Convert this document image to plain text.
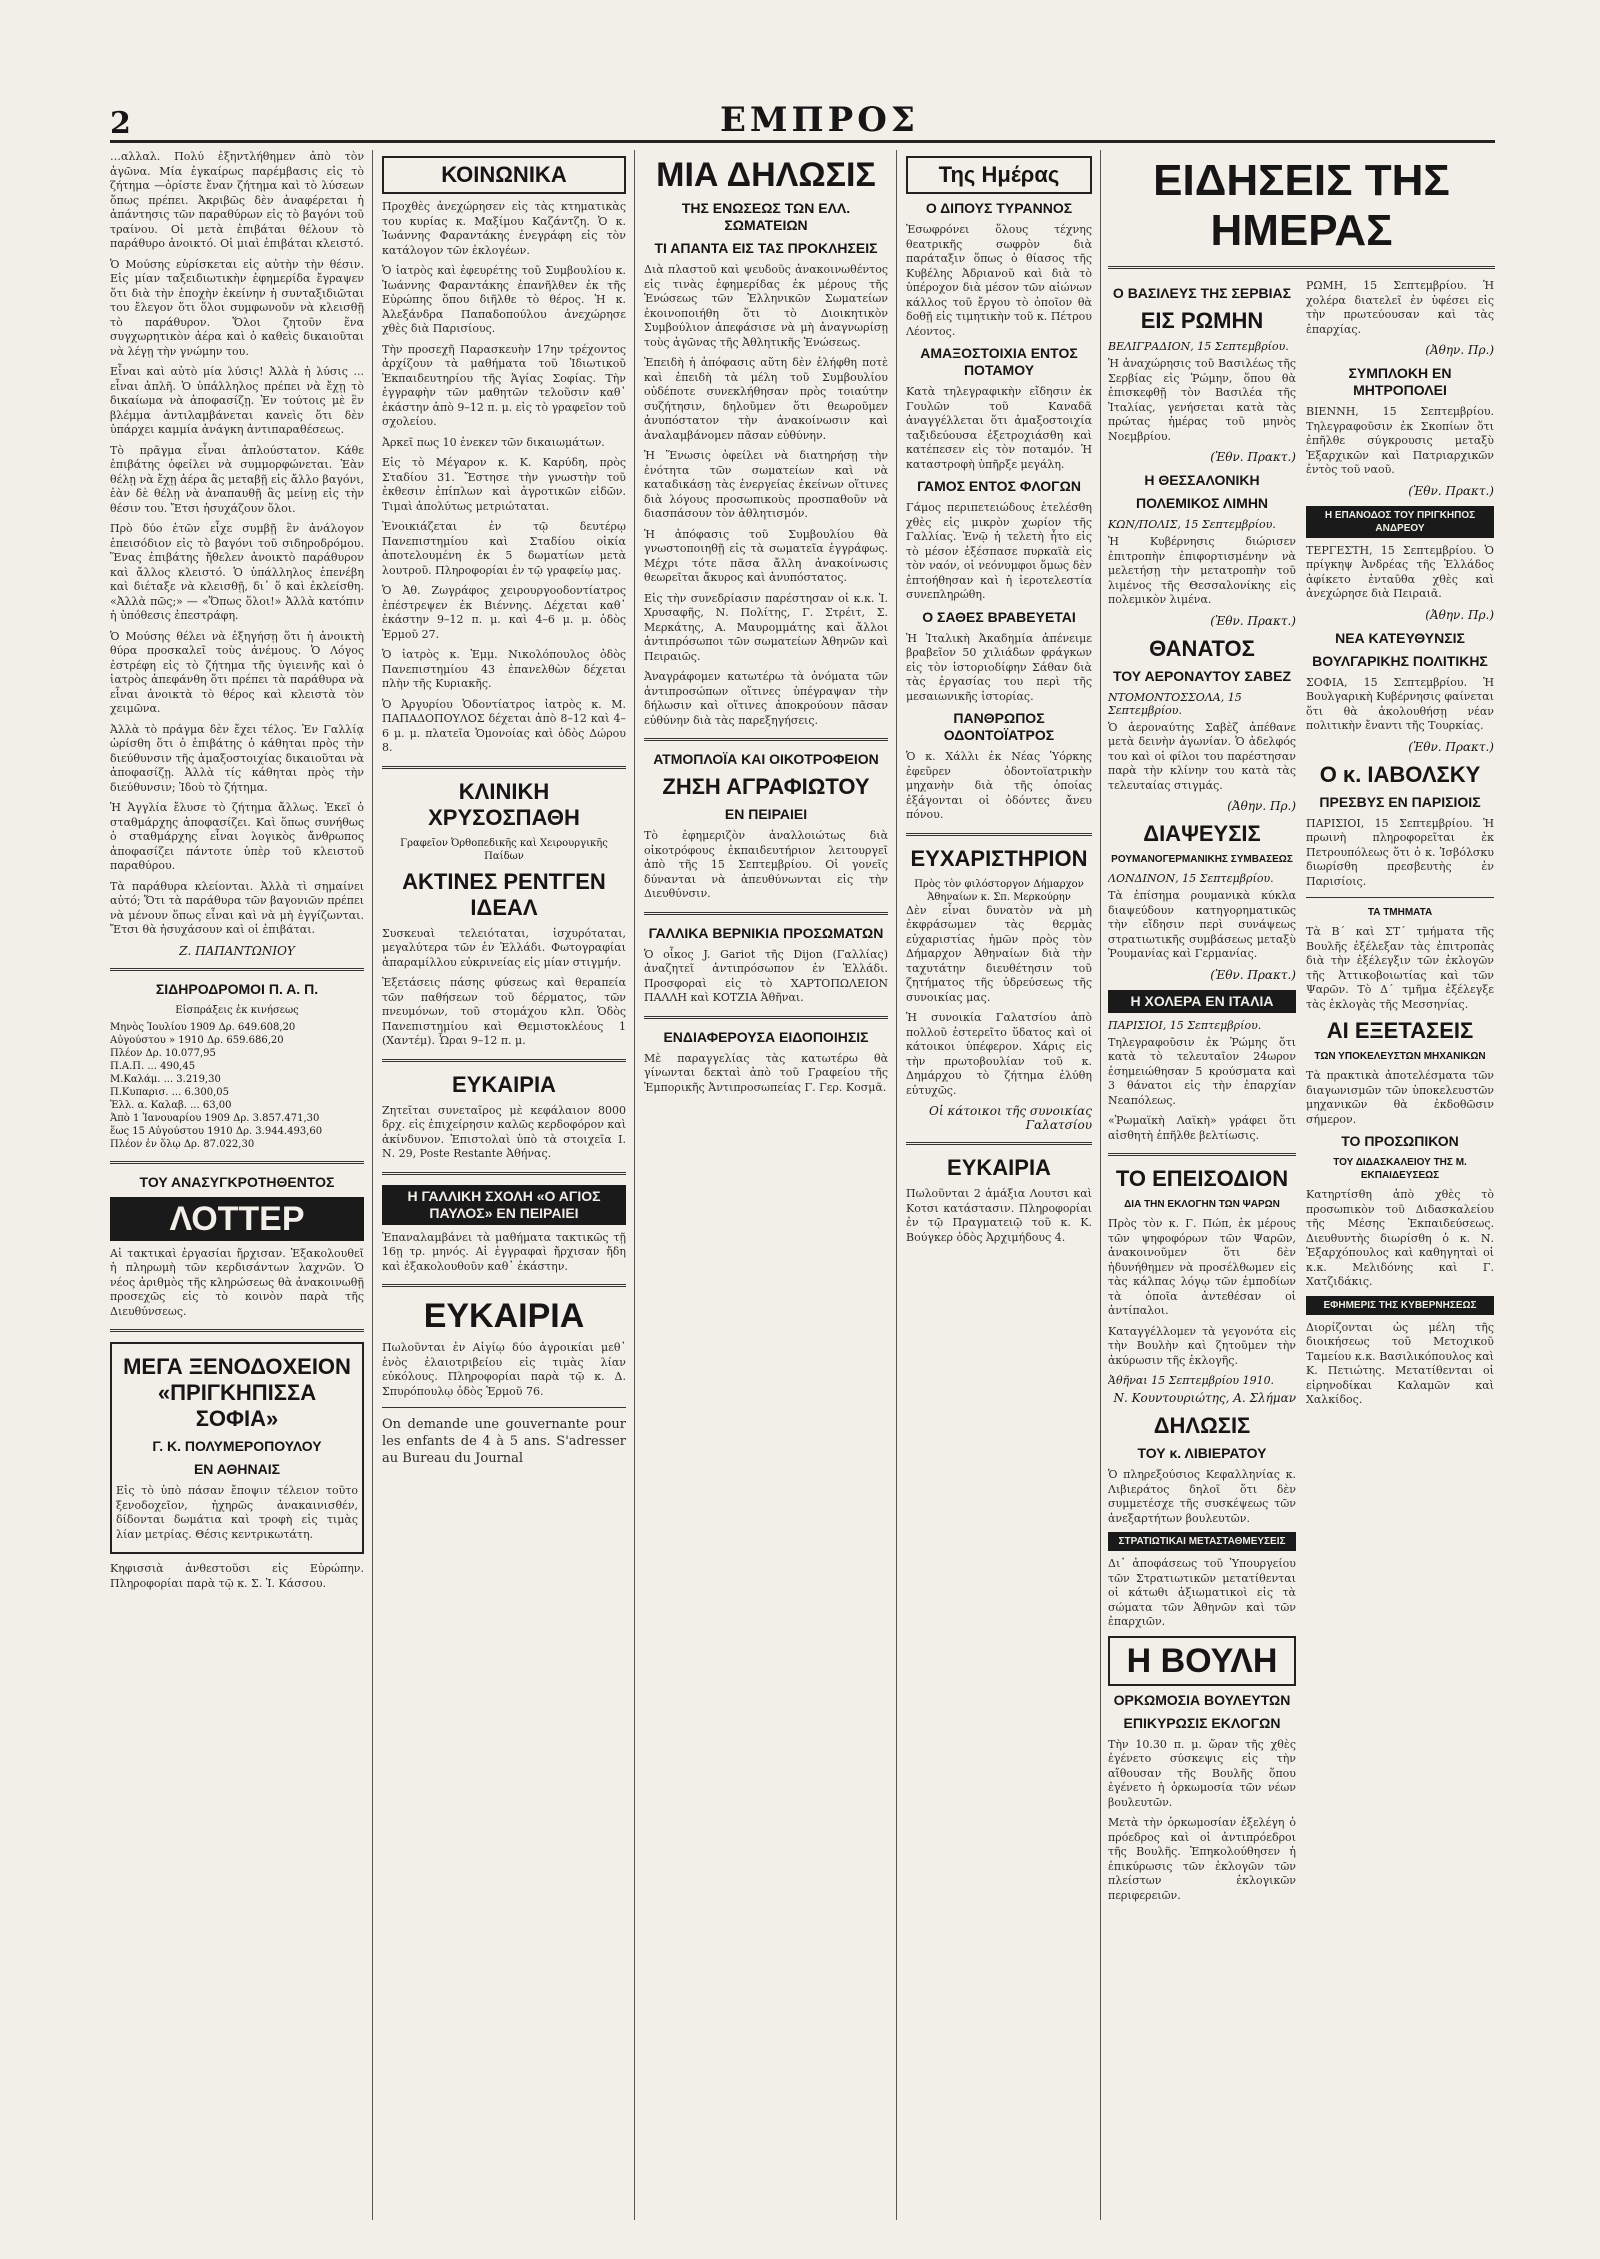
2	ΕΜΠΡΟΣ

…αλλαλ. Πολύ ἐξηντλήθημεν ἀπὸ τὸν ἀγῶνα. Μία ἐγκαίρως παρέμβασις εἰς τὸ ζήτημα —ὁρίστε ἔναν ζήτημα καὶ τὸ λύσεων ὅπως πρέπει. Ἀκριβῶς δὲν ἀναφέρεται ἡ ἀπάντησις τῶν παραθύρων εἰς τὸ βαγόνι τοῦ τραίνου. Οἱ μετὰ ἐπιβάται θέλουν τὸ παράθυρο ἀνοικτό. Οἱ μιαὶ ἐπιβάται κλειστό.

Ὁ Μούσης εὑρίσκεται εἰς αὐτὴν τὴν θέσιν. Εἰς μίαν ταξειδιωτικὴν ἐφημερίδα ἔγραψεν ὅτι διὰ τὴν ἐποχὴν ἐκείνην ἡ συνταξιδιῶται του ἔλεγον ὅτι ὅλοι συμφωνοῦν νὰ κλεισθῇ τὸ παράθυρον. Ὅλοι ζητοῦν ἕνα συγχωρητικὸν ἀέρα καὶ ὁ καθεὶς δικαιοῦται νὰ λέγῃ τὴν γνώμην του.

Εἶναι καὶ αὐτὸ μία λύσις! Ἀλλὰ ἡ λύσις ... εἶναι ἀπλῆ. Ὁ ὑπάλληλος πρέπει νὰ ἔχῃ τὸ δικαίωμα νὰ ἀποφασίζῃ. Ἐν τούτοις μὲ ἓν βλέμμα ἀντιλαμβάνεται κανεὶς ὅτι δὲν ὑπάρχει καμμία ἀνάγκη ἀντιπαραθέσεως.

Τὸ πρᾶγμα εἶναι ἁπλούστατον. Κάθε ἐπιβάτης ὀφείλει νὰ συμμορφώνεται. Ἐὰν θέλῃ νὰ ἔχῃ ἀέρα ἂς μεταβῇ εἰς ἄλλο βαγόνι, ἐὰν δὲ θέλῃ νὰ ἀναπαυθῇ ἂς μείνῃ εἰς τὴν θέσιν του. Ἔτσι ἡσυχάζουν ὅλοι.

Πρὸ δύο ἐτῶν εἶχε συμβῇ ἓν ἀνάλογον ἐπεισόδιον εἰς τὸ βαγόνι τοῦ σιδηροδρόμου. Ἕνας ἐπιβάτης ἤθελεν ἀνοικτὸ παράθυρον καὶ ἄλλος κλειστό. Ὁ ὑπάλληλος ἐπενέβη καὶ διέταξε νὰ κλεισθῇ, δι᾽ ὅ καὶ ἐκλείσθη. «Ἀλλὰ πῶς;» — «Ὅπως ὅλοι!» Ἀλλὰ κατόπιν ἡ ὑπόθεσις ἐπεστράφη.

Ὁ Μούσης θέλει νὰ ἐξηγήσῃ ὅτι ἡ ἀνοικτὴ θύρα προσκαλεῖ τοὺς ἀνέμους. Ὁ Λόγος ἐστρέφη εἰς τὸ ζήτημα τῆς ὑγιεινῆς καὶ ὁ ἰατρὸς ἀπεφάνθη ὅτι πρέπει τὰ παράθυρα νὰ εἶναι ἀνοικτὰ τὸ θέρος καὶ κλειστὰ τὸν χειμῶνα.

Ἀλλὰ τὸ πράγμα δὲν ἔχει τέλος. Ἐν Γαλλίᾳ ὡρίσθη ὅτι ὁ ἐπιβάτης ὁ κάθηται πρὸς τὴν διεύθυνσιν τῆς ἁμαξοστοιχίας δικαιοῦται νὰ ἀποφασίζῃ. Ἀλλὰ τίς κάθηται πρὸς τὴν διεύθυνσιν; Ἰδοὺ τὸ ζήτημα.

Ἡ Ἀγγλία ἔλυσε τὸ ζήτημα ἄλλως. Ἐκεῖ ὁ σταθμάρχης ἀποφασίζει. Καὶ ὅπως συνήθως ὁ σταθμάρχης εἶναι λογικὸς ἄνθρωπος ἀποφασίζει πάντοτε ὑπὲρ τοῦ κλειστοῦ παραθύρου.

Τὰ παράθυρα κλείονται. Ἀλλὰ τὶ σημαίνει αὐτό; Ὅτι τὰ παράθυρα τῶν βαγονιῶν πρέπει νὰ μένουν ὅπως εἶναι καὶ νὰ μὴ ἐγγίζωνται. Ἔτσι θὰ ἠσυχάσουν καὶ οἱ ἐπιβάται.

Ζ. ΠΑΠΑΝΤΩΝΙΟΥ
ΣΙΔΗΡΟΔΡΟΜΟΙ Π. Α. Π.
Εἰσπράξεις ἐκ κινήσεως
Μηνὸς Ἰουλίου 1909 Δρ. 649.608,20
Αὐγούστου » 1910 Δρ. 659.686,20
Πλέον Δρ. 10.077,95
Π.Α.Π. ... 490,45
Μ.Καλάμ. ... 3.219,30
Π.Κυπαρισ. ... 6.300,05
Ἐλλ. α. Καλαβ. ... 63,00
Ἀπὸ 1 Ἰανουαρίου 1909 Δρ. 3.857.471,30
ἕως 15 Αὐγούστου 1910 Δρ. 3.944.493,60
Πλέον ἐν ὅλῳ Δρ. 87.022,30
ΤΟΥ ΑΝΑΣΥΓΚΡΟΤΗΘΕΝΤΟΣ
ΛΟΤΤΕΡ

Αἱ τακτικαὶ ἐργασίαι ἤρχισαν. Ἐξακολουθεῖ ἡ πληρωμὴ τῶν κερδισάντων λαχνῶν. Ὁ νέος ἀριθμὸς τῆς κληρώσεως θὰ ἀνακοινωθῇ προσεχῶς εἰς τὸ κοινὸν παρὰ τῆς Διευθύνσεως.

ΜΕΓΑ ΞΕΝΟΔΟΧΕΙΟΝ «ΠΡΙΓΚΗΠΙΣΣΑ ΣΟΦΙΑ»
Γ. Κ. ΠΟΛΥΜΕΡΟΠΟΥΛΟΥ
ΕΝ ΑΘΗΝΑΙΣ

Εἰς τὸ ὑπὸ πάσαν ἔποψιν τέλειον τοῦτο ξενοδοχεῖον, ἠχηρῶς ἀνακαινισθέν, δίδονται δωμάτια καὶ τροφὴ εἰς τιμὰς λίαν μετρίας. Θέσις κεντρικωτάτη.

Κηφισσιὰ ἀνθεστοῦσι εἰς Εὐρώπην. Πληροφορίαι παρὰ τῷ κ. Σ. Ἰ. Κάσσου.

ΚΟΙΝΩΝΙΚΑ

Προχθὲς ἀνεχώρησεν εἰς τὰς κτηματικὰς του κυρίας κ. Μαξίμου Καζάντζη. Ὁ κ. Ἰωάννης Φαραντάκης ἐνεγράφη εἰς τὸν κατάλογον τῶν ἐκλογέων.

Ὁ ἰατρὸς καὶ ἐφευρέτης τοῦ Συμβουλίου κ. Ἰωάννης Φαραντάκης ἐπανῆλθεν ἐκ τῆς Εὐρώπης ὅπου διῆλθε τὸ θέρος. Ἡ κ. Ἀλεξάνδρα Παπαδοπούλου ἀνεχώρησε χθὲς διὰ Παρισίους.

Τὴν προσεχῆ Παρασκευὴν 17ην τρέχοντος ἀρχίζουν τὰ μαθήματα τοῦ Ἰδιωτικοῦ Ἐκπαιδευτηρίου τῆς Ἁγίας Σοφίας. Τὴν ἐγγραφὴν τῶν μαθητῶν τελοῦσιν καθ᾽ ἑκάστην ἀπὸ 9–12 π. μ. εἰς τὸ γραφεῖον τοῦ σχολείου.

Ἀρκεῖ πως 10 ἐνεκεν τῶν δικαιωμάτων.

Εἰς τὸ Μέγαρον κ. Κ. Καρύδη, πρὸς Σταδίου 31. Ἔστησε τὴν γνωστὴν τοῦ ἐκθεσιν ἐπίπλων καὶ ἀγροτικῶν εἰδῶν. Τιμαὶ ἀπολύτως μετριώταται.

Ἐνοικιάζεται ἐν τῷ δευτέρῳ Πανεπιστημίου καὶ Σταδίου οἰκία ἀποτελουμένη ἐκ 5 δωματίων μετὰ λουτροῦ. Πληροφορίαι ἐν τῷ γραφείῳ μας.

Ὁ Ἀθ. Ζωγράφος χειρουργοοδοντίατρος ἐπέστρεψεν ἐκ Βιέννης. Δέχεται καθ᾽ ἑκάστην 9–12 π. μ. καὶ 4–6 μ. μ. ὁδὸς Ἑρμοῦ 27.

Ὁ ἰατρὸς κ. Ἐμμ. Νικολόπουλος ὁδὸς Πανεπιστημίου 43 ἐπανελθὼν δέχεται πλὴν τῆς Κυριακῆς.

Ὁ Ἀργυρίου Ὁδοντίατρος ἰατρὸς κ. Μ. ΠΑΠΑΔΟΠΟΥΛΟΣ δέχεται ἀπὸ 8–12 καὶ 4–6 μ. μ. πλατεῖα Ὁμονοίας καὶ ὁδὸς Δώρου 8.

ΚΛΙΝΙΚΗ ΧΡΥΣΟΣΠΑΘΗ
Γραφεῖον Ὀρθοπεδικῆς καὶ Χειρουργικῆς Παίδων
ΑΚΤΙΝΕΣ ΡΕΝΤΓΕΝ ΙΔΕΑΛ

Συσκευαὶ τελειόταται, ἰσχυρόταται, μεγαλύτερα τῶν ἐν Ἑλλάδι. Φωτογραφίαι ἀπαραμίλλου εὐκρινείας εἰς μίαν στιγμήν.

Ἐξετάσεις πάσης φύσεως καὶ θεραπεία τῶν παθήσεων τοῦ δέρματος, τῶν πνευμόνων, τοῦ στομάχου κλπ. Ὁδὸς Πανεπιστημίου καὶ Θεμιστοκλέους 1 (Χαντέμ). Ὧραι 9–12 π. μ.

ΕΥΚΑΙΡΙΑ

Ζητεῖται συνεταῖρος μὲ κεφάλαιον 8000 δρχ. εἰς ἐπιχείρησιν καλῶς κερδοφόρον καὶ ἀκίνδυνον. Ἐπιστολαὶ ὑπὸ τὰ στοιχεῖα Ι. Ν. 29, Poste Restante Ἀθήνας.

Η ΓΑΛΛΙΚΗ ΣΧΟΛΗ «Ο ΑΓΙΟΣ ΠΑΥΛΟΣ» ΕΝ ΠΕΙΡΑΙΕΙ

Ἐπαναλαμβάνει τὰ μαθήματα τακτικῶς τῇ 16ῃ τρ. μηνός. Αἱ ἐγγραφαὶ ἤρχισαν ἤδη καὶ ἐξακολουθοῦν καθ᾽ ἑκάστην.

ΕΥΚΑΙΡΙΑ

Πωλοῦνται ἐν Αἰγίῳ δύο ἀγροικίαι μεθ᾽ ἑνὸς ἐλαιοτριβείου εἰς τιμὰς λίαν εὐκόλους. Πληροφορίαι παρὰ τῷ κ. Δ. Σπυρόπουλῳ ὁδὸς Ἑρμοῦ 76.

On demande une gouvernante pour les enfants de 4 à 5 ans. S'adresser au Bureau du Journal

ΜΙΑ ΔΗΛΩΣΙΣ
ΤΗΣ ΕΝΩΣΕΩΣ ΤΩΝ ΕΛΛ. ΣΩΜΑΤΕΙΩΝ
ΤΙ ΑΠΑΝΤΑ ΕΙΣ ΤΑΣ ΠΡΟΚΛΗΣΕΙΣ

Διὰ πλαστοῦ καὶ ψευδοῦς ἀνακοινωθέντος εἰς τινὰς ἐφημερίδας ἐκ μέρους τῆς Ἑνώσεως τῶν Ἑλληνικῶν Σωματείων ἐκοινοποιήθη ὅτι τὸ Διοικητικὸν Συμβούλιον ἀπεφάσισε νὰ μὴ ἀναγνωρίσῃ τοὺς ἀγῶνας τῆς Ἀθλητικῆς Ἑνώσεως.

Ἐπειδὴ ἡ ἀπόφασις αὕτη δὲν ἐλήφθη ποτὲ καὶ ἐπειδὴ τὰ μέλη τοῦ Συμβουλίου οὐδέποτε συνεκλήθησαν πρὸς τοιαύτην συζήτησιν, δηλοῦμεν ὅτι θεωροῦμεν ἀνυπόστατον τὴν ἀνακοίνωσιν καὶ ἀναλαμβάνομεν πᾶσαν εὐθύνην.

Ἡ Ἕνωσις ὀφείλει νὰ διατηρήσῃ τὴν ἑνότητα τῶν σωματείων καὶ νὰ καταδικάσῃ τὰς ἐνεργείας ἐκείνων οἵτινες διὰ λόγους προσωπικοὺς προσπαθοῦν νὰ διασπάσουν τὸν ἀθλητισμόν.

Ἡ ἀπόφασις τοῦ Συμβουλίου θὰ γνωστοποιηθῇ εἰς τὰ σωματεῖα ἐγγράφως. Μέχρι τότε πᾶσα ἄλλη ἀνακοίνωσις θεωρεῖται ἄκυρος καὶ ἀνυπόστατος.

Εἰς τὴν συνεδρίασιν παρέστησαν οἱ κ.κ. Ἰ. Χρυσαφῆς, Ν. Πολίτης, Γ. Στρέιτ, Σ. Μερκάτης, Α. Μαυρομμάτης καὶ ἄλλοι ἀντιπρόσωποι τῶν σωματείων Ἀθηνῶν καὶ Πειραιῶς.

Ἀναγράφομεν κατωτέρω τὰ ὀνόματα τῶν ἀντιπροσώπων οἵτινες ὑπέγραψαν τὴν δήλωσιν καὶ οἵτινες ἀποκρούουν πᾶσαν εὐθύνην διὰ τὰς παρεξηγήσεις.

ΑΤΜΟΠΛΟΪΑ ΚΑΙ ΟΙΚΟΤΡΟΦΕΙΟΝ
ΖΗΣΗ ΑΓΡΑΦΙΩΤΟΥ
ΕΝ ΠΕΙΡΑΙΕΙ

Τὸ ἐφημεριζὸν ἀναλλοιώτως διὰ οἰκοτρόφους ἐκπαιδευτήριον λειτουργεῖ ἀπὸ τῆς 15 Σεπτεμβρίου. Οἱ γονεῖς δύνανται νὰ ἀπευθύνωνται εἰς τὴν Διευθύνσιν.

ΓΑΛΛΙΚΑ ΒΕΡΝΙΚΙΑ ΠΡΟΣΩΜΑΤΩΝ

Ὁ οἶκος J. Gariot τῆς Dijon (Γαλλίας) ἀναζητεῖ ἀντιπρόσωπον ἐν Ἑλλάδι. Προσφοραὶ εἰς τὸ ΧΑΡΤΟΠΩΛΕΙΟΝ ΠΑΛΛΗ καὶ ΚΟΤΖΙΑ Ἀθῆναι.

ΕΝΔΙΑΦΕΡΟΥΣΑ ΕΙΔΟΠΟΙΗΣΙΣ

Μὲ παραγγελίας τὰς κατωτέρω θὰ γίνωνται δεκταὶ ἀπὸ τοῦ Γραφείου τῆς Ἐμπορικῆς Ἀντιπροσωπείας Γ. Γερ. Κοσμᾶ.

Της Ημέρας
Ο ΔΙΠΟΥΣ ΤΥΡΑΝΝΟΣ

Ἐσωφρόνει ὅλους τέχνης θεατρικῆς σωφρὸν διὰ παράταξιν ὅπως ὁ θίασος τῆς Κυβέλης Ἀδριανοῦ καὶ διὰ τὸ ὑπέροχον διὰ μέσον τῶν αἰώνων κάλλος τοῦ ἔργου τὸ ὁποῖον θὰ δοθῇ εἰς τιμητικὴν τοῦ κ. Πέτρου Λέοντος.

ΑΜΑΞΟΣΤΟΙΧΙΑ ΕΝΤΟΣ ΠΟΤΑΜΟΥ

Κατὰ τηλεγραφικὴν εἴδησιν ἐκ Γουλῶν τοῦ Καναδᾶ ἀναγγέλλεται ὅτι ἁμαξοστοιχία ταξιδεύουσα ἐξετροχιάσθη καὶ κατέπεσεν εἰς τὸν ποταμόν. Ἡ καταστροφὴ ὑπῆρξε μεγάλη.

ΓΑΜΟΣ ΕΝΤΟΣ ΦΛΟΓΩΝ

Γάμος περιπετειώδους ἐτελέσθη χθὲς εἰς μικρὸν χωρίον τῆς Γαλλίας. Ἐνῷ ἡ τελετὴ ἦτο εἰς τὸ μέσον ἐξέσπασε πυρκαϊὰ εἰς τὸν ναόν, οἱ νεόνυμφοι ὅμως δὲν ἐπτοήθησαν καὶ ἡ ἱεροτελεστία συνεπληρώθη.

Ο ΣΑΘΕΣ ΒΡΑΒΕΥΕΤΑΙ

Ἡ Ἰταλικὴ Ἀκαδημία ἀπένειμε βραβεῖον 50 χιλιάδων φράγκων εἰς τὸν ἱστοριοδίφην Σάθαν διὰ τὰς ἐργασίας του περὶ τῆς μεσαιωνικῆς ἱστορίας.

ΠΑΝΘΡΩΠΟΣ ΟΔΟΝΤΟΪΑΤΡΟΣ

Ὁ κ. Χάλλι ἐκ Νέας Ὑόρκης ἐφεῦρεν ὀδοντοϊατρικὴν μηχανὴν διὰ τῆς ὁποίας ἐξάγονται οἱ ὀδόντες ἄνευ πόνου.

ΕΥΧΑΡΙΣΤΗΡΙΟΝ
Πρὸς τὸν φιλόστοργον Δήμαρχον Ἀθηναίων κ. Σπ. Μερκούρην

Δὲν εἶναι δυνατὸν νὰ μὴ ἐκφράσωμεν τὰς θερμὰς εὐχαριστίας ἡμῶν πρὸς τὸν Δήμαρχον Ἀθηναίων διὰ τὴν ταχυτάτην διευθέτησιν τοῦ ζητήματος τῆς ὑδρεύσεως τῆς συνοικίας μας.

Ἡ συνοικία Γαλατσίου ἀπὸ πολλοῦ ἐστερεῖτο ὕδατος καὶ οἱ κάτοικοι ὑπέφερον. Χάρις εἰς τὴν πρωτοβουλίαν τοῦ κ. Δημάρχου τὸ ζήτημα ἐλύθη εὐτυχῶς.

Οἱ κάτοικοι τῆς συνοικίας Γαλατσίου
ΕΥΚΑΙΡΙΑ

Πωλοῦνται 2 ἁμάξια Λουτσι καὶ Κοτσι κατάστασιν. Πληροφορίαι ἐν τῷ Πραγματειῷ τοῦ κ. Κ. Βούγκερ ὁδὸς Ἀρχιμήδους 4.

ΕΙΔΗΣΕΙΣ ΤΗΣ ΗΜΕΡΑΣ
Ο ΒΑΣΙΛΕΥΣ ΤΗΣ ΣΕΡΒΙΑΣ
ΕΙΣ ΡΩΜΗΝ
ΒΕΛΙΓΡΑΔΙΟΝ, 15 Σεπτεμβρίου.

Ἡ ἀναχώρησις τοῦ Βασιλέως τῆς Σερβίας εἰς Ῥώμην, ὅπου θὰ ἐπισκεφθῇ τὸν Βασιλέα τῆς Ἰταλίας, γενήσεται κατὰ τὰς πρώτας ἡμέρας τοῦ μηνὸς Νοεμβρίου.

(Ἐθν. Πρακτ.)
Η ΘΕΣΣΑΛΟΝΙΚΗ
ΠΟΛΕΜΙΚΟΣ ΛΙΜΗΝ
ΚΩΝ/ΠΟΛΙΣ, 15 Σεπτεμβρίου.

Ἡ Κυβέρνησις διώρισεν ἐπιτροπὴν ἐπιφορτισμένην νὰ μελετήσῃ τὴν μετατροπὴν τοῦ λιμένος τῆς Θεσσαλονίκης εἰς πολεμικὸν λιμένα.

(Ἐθν. Πρακτ.)
ΘΑΝΑΤΟΣ
ΤΟΥ ΑΕΡΟΝΑΥΤΟΥ ΣΑΒΕΖ
ΝΤΟΜΟΝΤΟΣΣΟΛΑ, 15 Σεπτεμβρίου.

Ὁ ἀεροναύτης Σαβὲζ ἀπέθανε μετὰ δεινὴν ἀγωνίαν. Ὁ ἀδελφός του καὶ οἱ φίλοι του παρέστησαν παρὰ τὴν κλίνην του κατὰ τὰς τελευταίας στιγμάς.

(Ἀθην. Πρ.)
ΔΙΑΨΕΥΣΙΣ
ΡΟΥΜΑΝΟΓΕΡΜΑΝΙΚΗΣ ΣΥΜΒΑΣΕΩΣ
ΛΟΝΔΙΝΟΝ, 15 Σεπτεμβρίου.

Τὰ ἐπίσημα ρουμανικὰ κύκλα διαψεύδουν κατηγορηματικῶς τὴν εἴδησιν περὶ συνάψεως στρατιωτικῆς συμβάσεως μεταξὺ Ῥουμανίας καὶ Γερμανίας.

(Ἐθν. Πρακτ.)
Η ΧΟΛΕΡΑ ΕΝ ΙΤΑΛΙΑ
ΠΑΡΙΣΙΟΙ, 15 Σεπτεμβρίου.

Τηλεγραφοῦσιν ἐκ Ῥώμης ὅτι κατὰ τὸ τελευταῖον 24ωρον ἐσημειώθησαν 5 κρούσματα καὶ 3 θάνατοι εἰς τὴν ἐπαρχίαν Νεαπόλεως.

«Ῥωμαϊκὴ Λαϊκὴ» γράφει ὅτι αἰσθητὴ ἐπῆλθε βελτίωσις.

ΤΟ ΕΠΕΙΣΟΔΙΟΝ
ΔΙΑ ΤΗΝ ΕΚΛΟΓΗΝ ΤΩΝ ΨΑΡΩΝ

Πρὸς τὸν κ. Γ. Πώπ, ἐκ μέρους τῶν ψηφοφόρων τῶν Ψαρῶν, ἀνακοινοῦμεν ὅτι δὲν ἠδυνήθημεν νὰ προσέλθωμεν εἰς τὰς κάλπας λόγῳ τῶν ἐμποδίων τὰ ὁποῖα ἀντεθέσαν οἱ ἀντίπαλοι.

Καταγγέλλομεν τὰ γεγονότα εἰς τὴν Βουλὴν καὶ ζητοῦμεν τὴν ἀκύρωσιν τῆς ἐκλογῆς.

Ἀθῆναι 15 Σεπτεμβρίου 1910.
Ν. Κουντουριώτης, Α. Σλήμαν
ΔΗΛΩΣΙΣ
ΤΟΥ κ. ΛΙΒΙΕΡΑΤΟΥ

Ὁ πληρεξούσιος Κεφαλληνίας κ. Λιβιεράτος δηλοῖ ὅτι δὲν συμμετέσχε τῆς συσκέψεως τῶν ἀνεξαρτήτων βουλευτῶν.

ΣΤΡΑΤΙΩΤΙΚΑΙ ΜΕΤΑΣΤΑΘΜΕΥΣΕΙΣ

Δι᾽ ἀποφάσεως τοῦ Ὑπουργείου τῶν Στρατιωτικῶν μετατίθενται οἱ κάτωθι ἀξιωματικοὶ εἰς τὰ σώματα τῶν Ἀθηνῶν καὶ τῶν ἐπαρχιῶν.

Η ΒΟΥΛΗ
ΟΡΚΩΜΟΣΙΑ ΒΟΥΛΕΥΤΩΝ
ΕΠΙΚΥΡΩΣΙΣ ΕΚΛΟΓΩΝ

Τὴν 10.30 π. μ. ὥραν τῆς χθὲς ἐγένετο σύσκεψις εἰς τὴν αἴθουσαν τῆς Βουλῆς ὅπου ἐγένετο ἡ ὁρκωμοσία τῶν νέων βουλευτῶν.

Μετὰ τὴν ὁρκωμοσίαν ἐξελέγη ὁ πρόεδρος καὶ οἱ ἀντιπρόεδροι τῆς Βουλῆς. Ἐπηκολούθησεν ἡ ἐπικύρωσις τῶν ἐκλογῶν τῶν πλείστων ἐκλογικῶν περιφερειῶν.

ΡΩΜΗ, 15 Σεπτεμβρίου. Ἡ χολέρα διατελεῖ ἐν ὑφέσει εἰς τὴν πρωτεύουσαν καὶ τὰς ἐπαρχίας.

(Ἀθην. Πρ.)
ΣΥΜΠΛΟΚΗ ΕΝ ΜΗΤΡΟΠΟΛΕΙ

ΒΙΕΝΝΗ, 15 Σεπτεμβρίου. Τηλεγραφοῦσιν ἐκ Σκοπίων ὅτι ἐπῆλθε σύγκρουσις μεταξὺ Ἐξαρχικῶν καὶ Πατριαρχικῶν ἐντὸς τοῦ ναοῦ.

(Ἐθν. Πρακτ.)
Η ΕΠΑΝΟΔΟΣ ΤΟΥ ΠΡΙΓΚΗΠΟΣ ΑΝΔΡΕΟΥ

ΤΕΡΓΕΣΤΗ, 15 Σεπτεμβρίου. Ὁ πρίγκηψ Ἀνδρέας τῆς Ἑλλάδος ἀφίκετο ἐνταῦθα χθὲς καὶ ἀνεχώρησε διὰ Πειραιᾶ.

(Ἀθην. Πρ.)
ΝΕΑ ΚΑΤΕΥΘΥΝΣΙΣ
ΒΟΥΛΓΑΡΙΚΗΣ ΠΟΛΙΤΙΚΗΣ

ΣΟΦΙΑ, 15 Σεπτεμβρίου. Ἡ Βουλγαρικὴ Κυβέρνησις φαίνεται ὅτι θὰ ἀκολουθήσῃ νέαν πολιτικὴν ἔναντι τῆς Τουρκίας.

(Ἐθν. Πρακτ.)
Ο κ. ΙΑΒΟΛΣΚΥ
ΠΡΕΣΒΥΣ ΕΝ ΠΑΡΙΣΙΟΙΣ

ΠΑΡΙΣΙΟΙ, 15 Σεπτεμβρίου. Ἡ πρωινὴ πληροφορεῖται ἐκ Πετρουπόλεως ὅτι ὁ κ. Ἰσβόλσκυ διωρίσθη πρεσβευτὴς ἐν Παρισίοις.

ΤΑ ΤΜΗΜΑΤΑ

Τὰ Β΄ καὶ ΣΤ΄ τμήματα τῆς Βουλῆς ἐξέλεξαν τὰς ἐπιτροπὰς διὰ τὴν ἐξέλεγξιν τῶν ἐκλογῶν τῆς Ἀττικοβοιωτίας καὶ τῶν Ψαρῶν. Τὸ Δ΄ τμῆμα ἐξέλεγξε τὰς ἐκλογὰς τῆς Μεσσηνίας.

ΑΙ ΕΞΕΤΑΣΕΙΣ
ΤΩΝ ΥΠΟΚΕΛΕΥΣΤΩΝ ΜΗΧΑΝΙΚΩΝ

Τὰ πρακτικὰ ἀποτελέσματα τῶν διαγωνισμῶν τῶν ὑποκελευστῶν μηχανικῶν θὰ ἐκδοθῶσιν σήμερον.

ΤΟ ΠΡΟΣΩΠΙΚΟΝ
ΤΟΥ ΔΙΔΑΣΚΑΛΕΙΟΥ ΤΗΣ Μ. ΕΚΠΑΙΔΕΥΣΕΩΣ

Κατηρτίσθη ἀπὸ χθὲς τὸ προσωπικὸν τοῦ Διδασκαλείου τῆς Μέσης Ἐκπαιδεύσεως. Διευθυντὴς διωρίσθη ὁ κ. Ν. Ἐξαρχόπουλος καὶ καθηγηταὶ οἱ κ.κ. Μελιδόνης καὶ Γ. Χατζιδάκις.

ΕΦΗΜΕΡΙΣ ΤΗΣ ΚΥΒΕΡΝΗΣΕΩΣ

Διορίζονται ὡς μέλη τῆς διοικήσεως τοῦ Μετοχικοῦ Ταμείου κ.κ. Βασιλικόπουλος καὶ Κ. Πετιώτης. Μετατίθενται οἱ εἰρηνοδίκαι Καλαμῶν καὶ Χαλκίδος.
